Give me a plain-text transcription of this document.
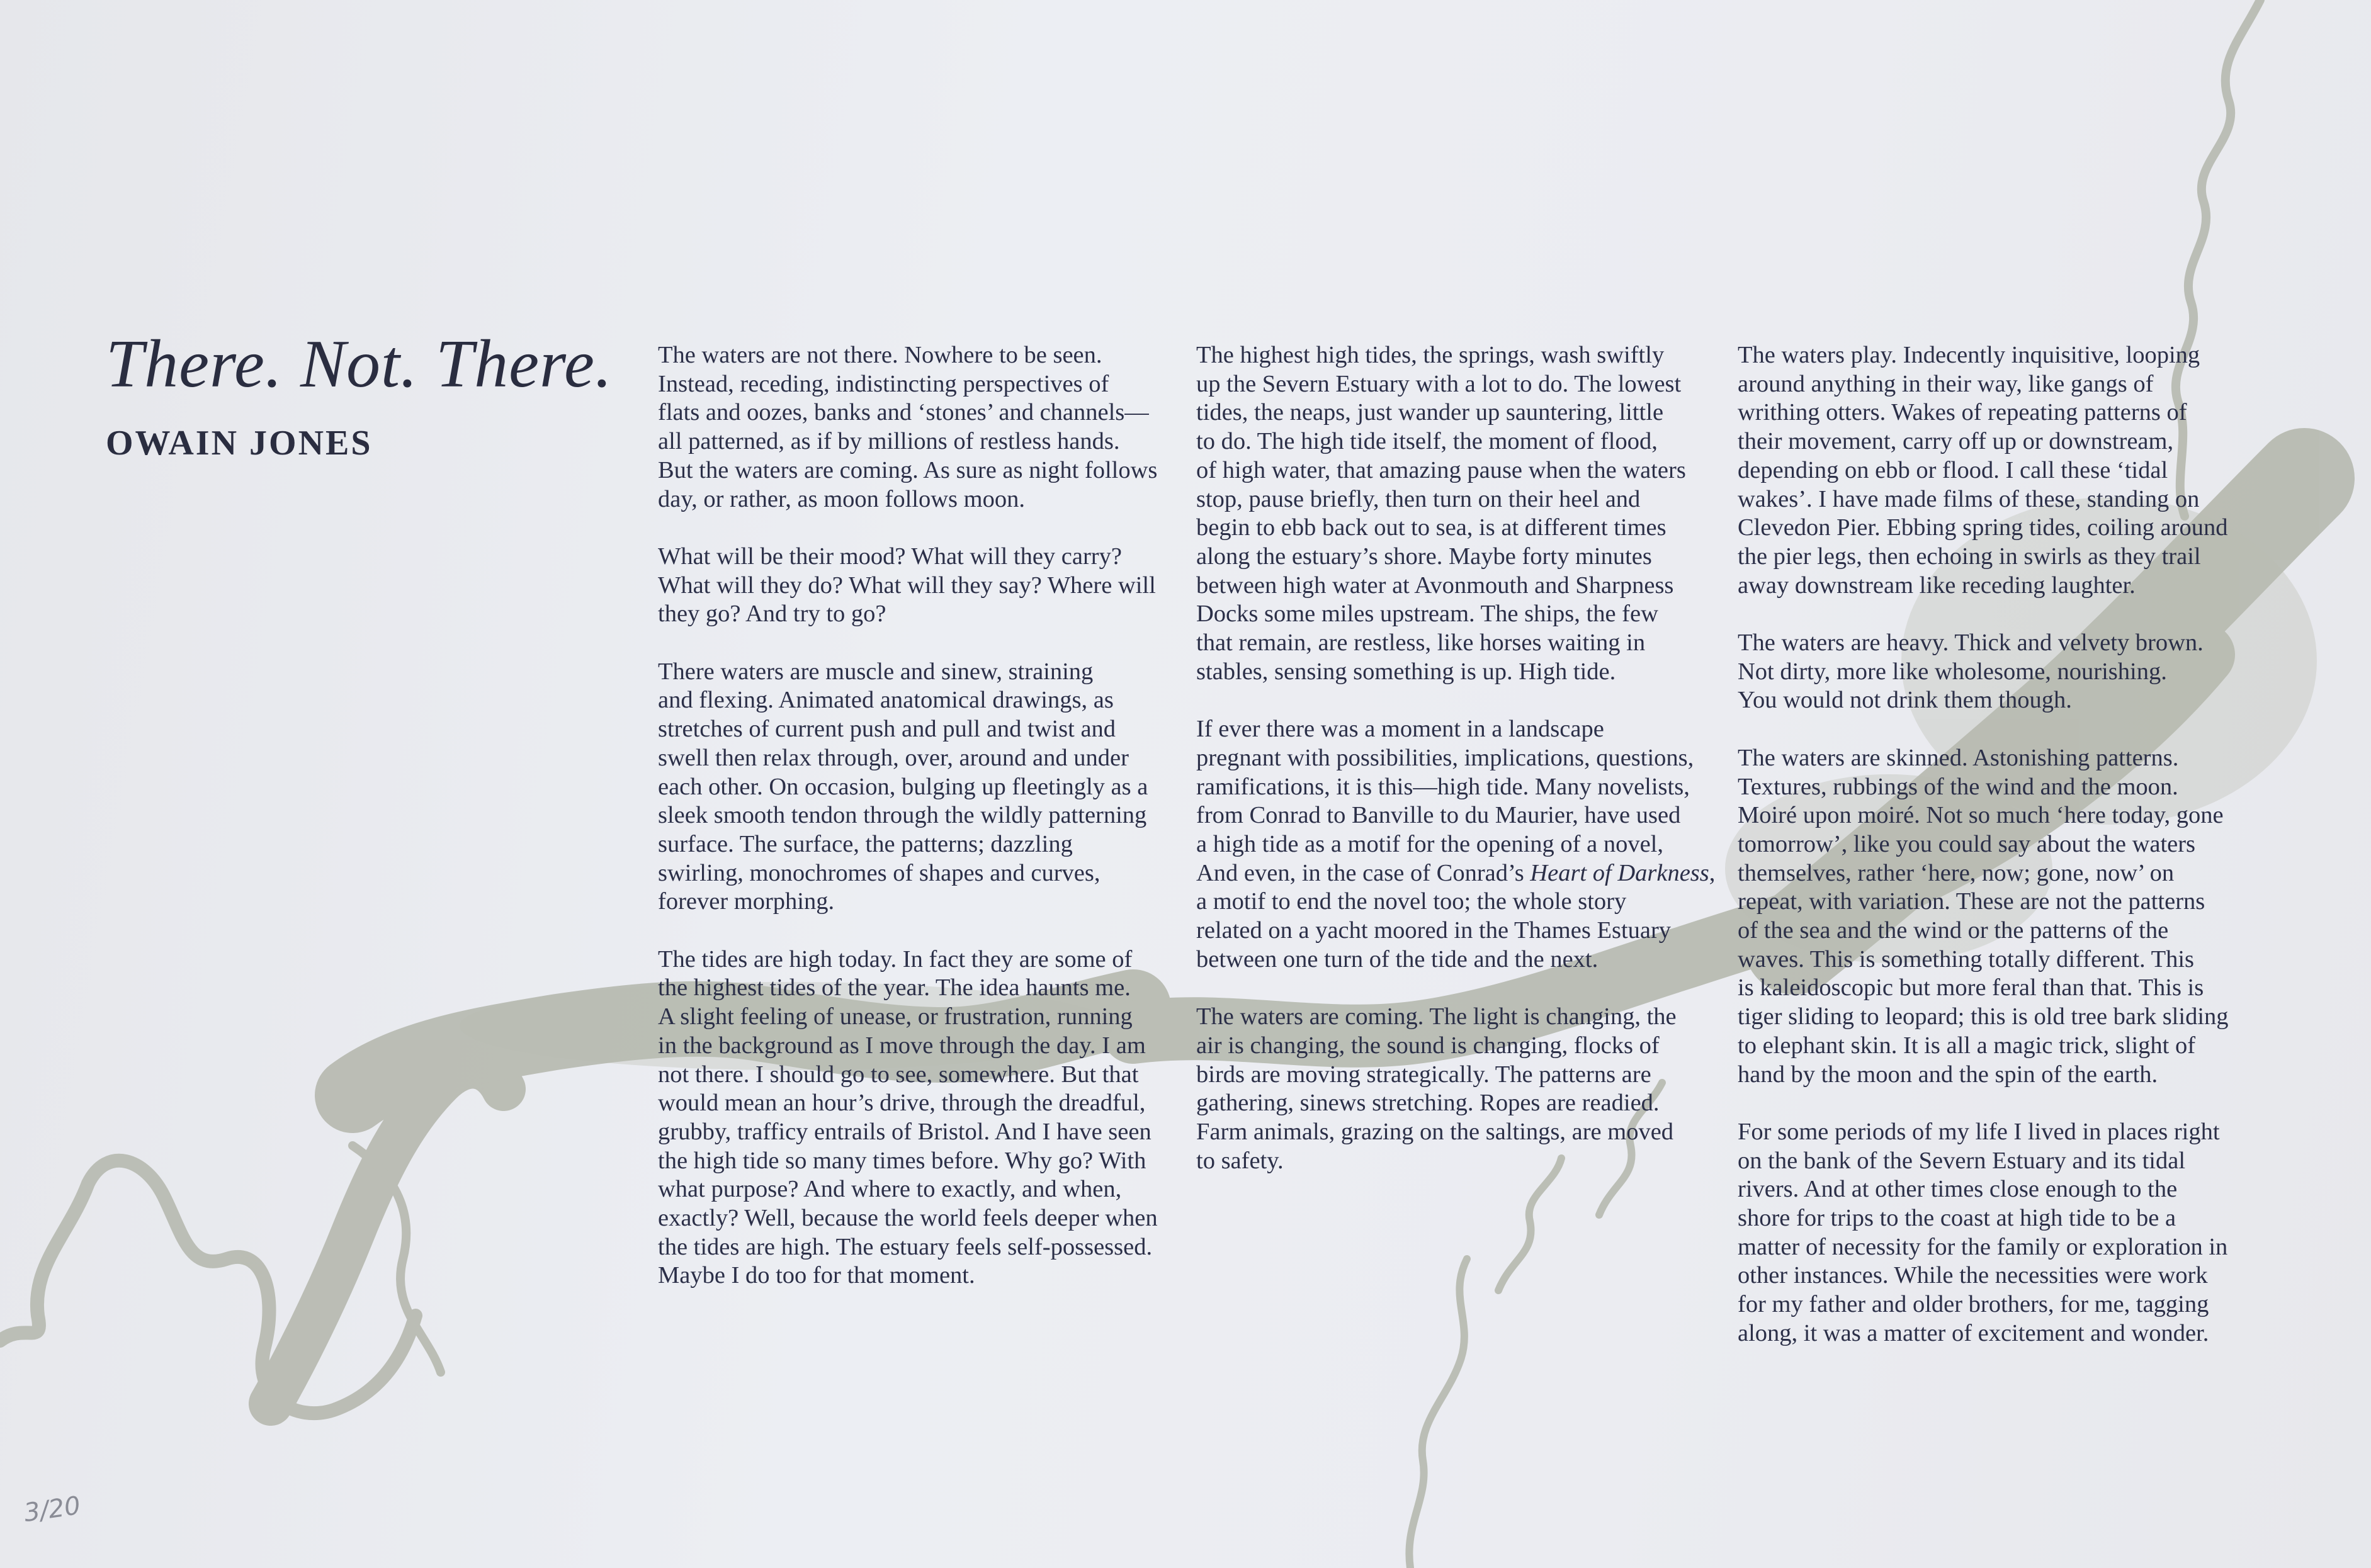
There. Not. There.
OWAIN JONES

The waters are not there. Nowhere to be seen.
Instead, receding, indistincting perspectives of
flats and oozes, banks and ‘stones’ and channels—
all patterned, as if by millions of restless hands.
But the waters are coming. As sure as night follows
day, or rather, as moon follows moon.

What will be their mood? What will they carry?
What will they do? What will they say? Where will
they go? And try to go?

There waters are muscle and sinew, straining
and flexing. Animated anatomical drawings, as
stretches of current push and pull and twist and
swell then relax through, over, around and under
each other. On occasion, bulging up fleetingly as a
sleek smooth tendon through the wildly patterning
surface. The surface, the patterns; dazzling
swirling, monochromes of shapes and curves,
forever morphing.

The tides are high today. In fact they are some of
the highest tides of the year. The idea haunts me.
A slight feeling of unease, or frustration, running
in the background as I move through the day. I am
not there. I should go to see, somewhere. But that
would mean an hour’s drive, through the dreadful,
grubby, trafficy entrails of Bristol. And I have seen
the high tide so many times before. Why go? With
what purpose? And where to exactly, and when,
exactly? Well, because the world feels deeper when
the tides are high. The estuary feels self-possessed.
Maybe I do too for that moment.

The highest high tides, the springs, wash swiftly
up the Severn Estuary with a lot to do. The lowest
tides, the neaps, just wander up sauntering, little
to do. The high tide itself, the moment of flood,
of high water, that amazing pause when the waters
stop, pause briefly, then turn on their heel and
begin to ebb back out to sea, is at different times
along the estuary’s shore. Maybe forty minutes
between high water at Avonmouth and Sharpness
Docks some miles upstream. The ships, the few
that remain, are restless, like horses waiting in
stables, sensing something is up. High tide.

If ever there was a moment in a landscape
pregnant with possibilities, implications, questions,
ramifications, it is this—high tide. Many novelists,
from Conrad to Banville to du Maurier, have used
a high tide as a motif for the opening of a novel,
And even, in the case of Conrad’s Heart of Darkness,
a motif to end the novel too; the whole story
related on a yacht moored in the Thames Estuary
between one turn of the tide and the next.

The waters are coming. The light is changing, the
air is changing, the sound is changing, flocks of
birds are moving strategically. The patterns are
gathering, sinews stretching. Ropes are readied.
Farm animals, grazing on the saltings, are moved
to safety.

The waters play. Indecently inquisitive, looping
around anything in their way, like gangs of
writhing otters. Wakes of repeating patterns of
their movement, carry off up or downstream,
depending on ebb or flood. I call these ‘tidal
wakes’. I have made films of these, standing on
Clevedon Pier. Ebbing spring tides, coiling around
the pier legs, then echoing in swirls as they trail
away downstream like receding laughter.

The waters are heavy. Thick and velvety brown.
Not dirty, more like wholesome, nourishing.
You would not drink them though.

The waters are skinned. Astonishing patterns.
Textures, rubbings of the wind and the moon.
Moiré upon moiré. Not so much ‘here today, gone
tomorrow’, like you could say about the waters
themselves, rather ‘here, now; gone, now’ on
repeat, with variation. These are not the patterns
of the sea and the wind or the patterns of the
waves. This is something totally different. This
is kaleidoscopic but more feral than that. This is
tiger sliding to leopard; this is old tree bark sliding
to elephant skin. It is all a magic trick, slight of
hand by the moon and the spin of the earth.

For some periods of my life I lived in places right
on the bank of the Severn Estuary and its tidal
rivers. And at other times close enough to the
shore for trips to the coast at high tide to be a
matter of necessity for the family or exploration in
other instances. While the necessities were work
for my father and older brothers, for me, tagging
along, it was a matter of excitement and wonder.

3/20
